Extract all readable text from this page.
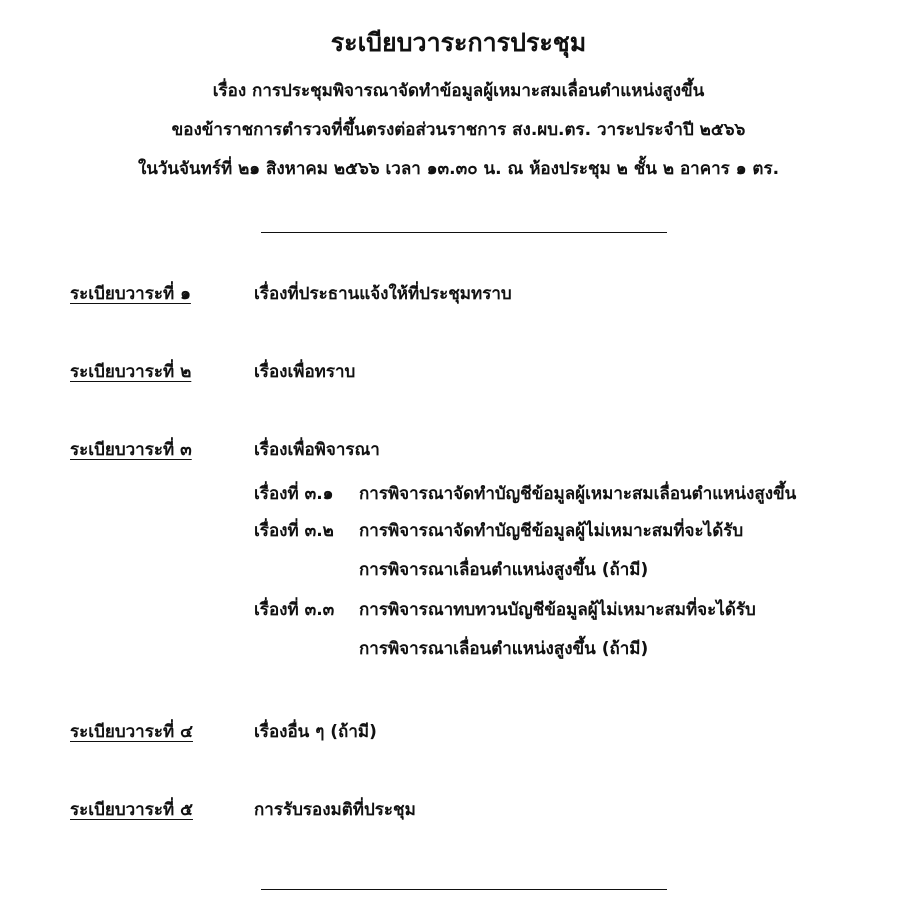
ระเบียบวาระการประชุม
เรื่อง การประชุมพิจารณาจัดทำข้อมูลผู้เหมาะสมเลื่อนตำแหน่งสูงขึ้น
ของข้าราชการตำรวจที่ขึ้นตรงต่อส่วนราชการ สง.ผบ.ตร. วาระประจำปี ๒๕๖๖
ในวันจันทร์ที่ ๒๑ สิงหาคม ๒๕๖๖ เวลา ๑๓.๓๐ น. ณ ห้องประชุม ๒ ชั้น ๒ อาคาร ๑ ตร.
ระเบียบวาระที่ ๑	เรื่องที่ประธานแจ้งให้ที่ประชุมทราบ
ระเบียบวาระที่ ๒	เรื่องเพื่อทราบ
ระเบียบวาระที่ ๓	เรื่องเพื่อพิจารณา
เรื่องที่ ๓.๑ การพิจารณาจัดทำบัญชีข้อมูลผู้เหมาะสมเลื่อนตำแหน่งสูงขึ้น
เรื่องที่ ๓.๒ การพิจารณาจัดทำบัญชีข้อมูลผู้ไม่เหมาะสมที่จะได้รับ
การพิจารณาเลื่อนตำแหน่งสูงขึ้น (ถ้ามี)
เรื่องที่ ๓.๓ การพิจารณาทบทวนบัญชีข้อมูลผู้ไม่เหมาะสมที่จะได้รับ
การพิจารณาเลื่อนตำแหน่งสูงขึ้น (ถ้ามี)
ระเบียบวาระที่ ๔	เรื่องอื่น ๆ (ถ้ามี)
ระเบียบวาระที่ ๕	การรับรองมติที่ประชุม
